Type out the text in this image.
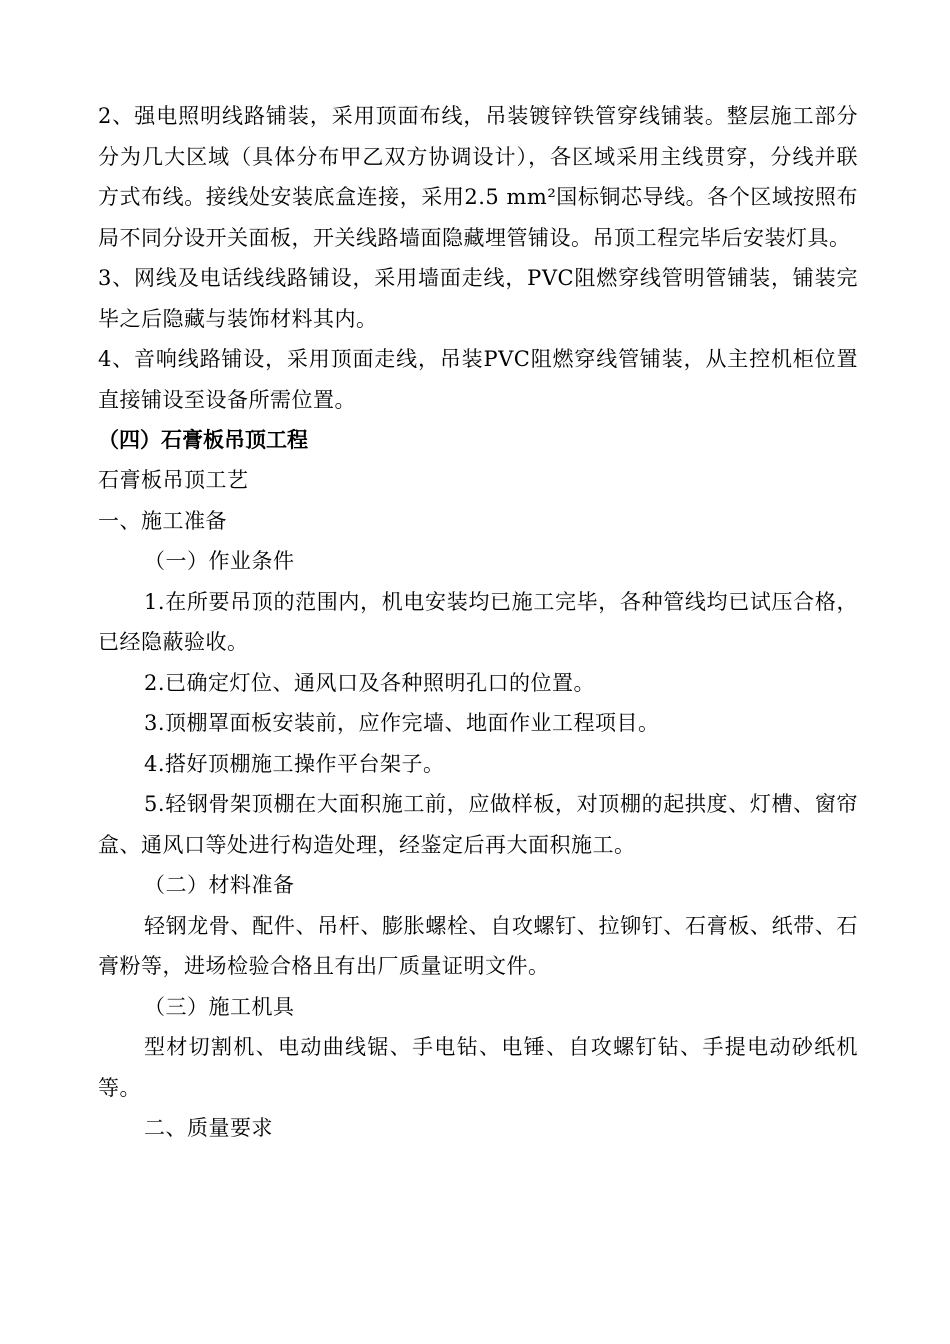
2、强电照明线路铺装，采用顶面布线，吊装镀锌铁管穿线铺装。整层施工部分分为几大区域（具体分布甲乙双方协调设计），各区域采用主线贯穿，分线并联方式布线。接线处安装底盒连接，采用2.5 mm²国标铜芯导线。各个区域按照布局不同分设开关面板，开关线路墙面隐藏埋管铺设。吊顶工程完毕后安装灯具。

3、网线及电话线线路铺设，采用墙面走线，PVC阻燃穿线管明管铺装，铺装完毕之后隐藏与装饰材料其内。

4、音响线路铺设，采用顶面走线，吊装PVC阻燃穿线管铺装，从主控机柜位置直接铺设至设备所需位置。

（四）石膏板吊顶工程

石膏板吊顶工艺

一、施工准备

（一）作业条件

1.在所要吊顶的范围内，机电安装均已施工完毕，各种管线均已试压合格，已经隐蔽验收。

2.已确定灯位、通风口及各种照明孔口的位置。

3.顶棚罩面板安装前，应作完墙、地面作业工程项目。

4.搭好顶棚施工操作平台架子。

5.轻钢骨架顶棚在大面积施工前，应做样板，对顶棚的起拱度、灯槽、窗帘盒、通风口等处进行构造处理，经鉴定后再大面积施工。

（二）材料准备

轻钢龙骨、配件、吊杆、膨胀螺栓、自攻螺钉、拉铆钉、石膏板、纸带、石膏粉等，进场检验合格且有出厂质量证明文件。

（三）施工机具

型材切割机、电动曲线锯、手电钻、电锤、自攻螺钉钻、手提电动砂纸机等。

二、质量要求
